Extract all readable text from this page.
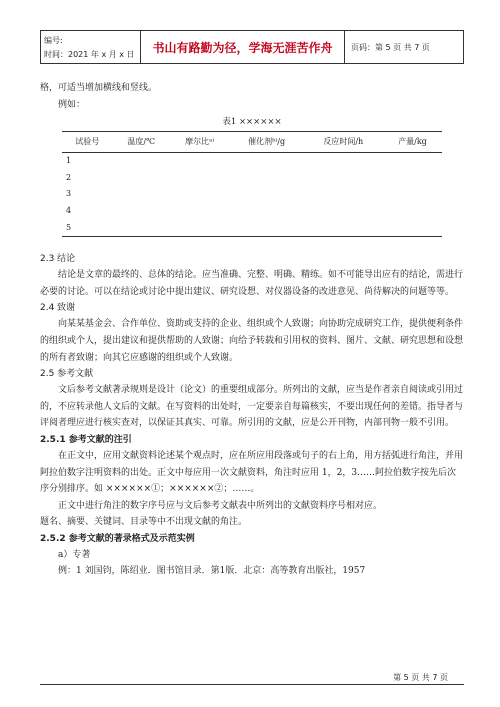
编号:
时间：2021 年 x 月 x 日	书山有路勤为径，学海无涯苦作舟	页码：第 5 页 共 7 页

格，可适当增加横线和竖线。

例如：

表1 ××××××
试验号	温度/℃	摩尔比ᵃ⁾	催化剂ᵇ⁾/g	反应时间/h	产量/kg
1					
2					
3					
4					
5					

2.3 结论

结论是文章的最终的、总体的结论。应当准确、完整、明确、精练。如不可能导出应有的结论，需进行必要的讨论。可以在结论或讨论中提出建议、研究设想、对仪器设备的改进意见、尚待解决的问题等等。

2.4 致谢

向某某基金会、合作单位、资助或支持的企业、组织或个人致谢；向协助完成研究工作，提供便利条件的组织或个人，提出建议和提供帮助的人致谢；向给予转载和引用权的资料、图片、文献、研究思想和设想的所有者致谢；向其它应感谢的组织或个人致谢。

2.5 参考文献

文后参考文献著录规则是设计（论文）的重要组成部分。所列出的文献，应当是作者亲自阅读或引用过的，不应转录他人文后的文献。在写资料的出处时，一定要亲自每篇核实，不要出现任何的差错。指导者与评阅者理应进行核实查对，以保证其真实、可靠。所引用的文献，应是公开刊物，内部刊物一般不引用。

2.5.1 参考文献的注引

在正文中，应用文献资料论述某个观点时，应在所应用段落或句子的右上角，用方括弧进行角注，并用阿拉伯数字注明资料的出处。正文中每应用一次文献资料，角注时应用 1，2，3……阿拉伯数字按先后次序分别排序。如 ××××××①；××××××②；……。

正文中进行角注的数字序号应与文后参考文献表中所列出的文献资料序号相对应。

题名、摘要、关键词、目录等中不出现文献的角注。

2.5.2 参考文献的著录格式及示范实例

a）专著

例：1 刘国钧，陈绍业．图书馆目录．第1版．北京：高等教育出版社，1957

第 5 页 共 7 页
